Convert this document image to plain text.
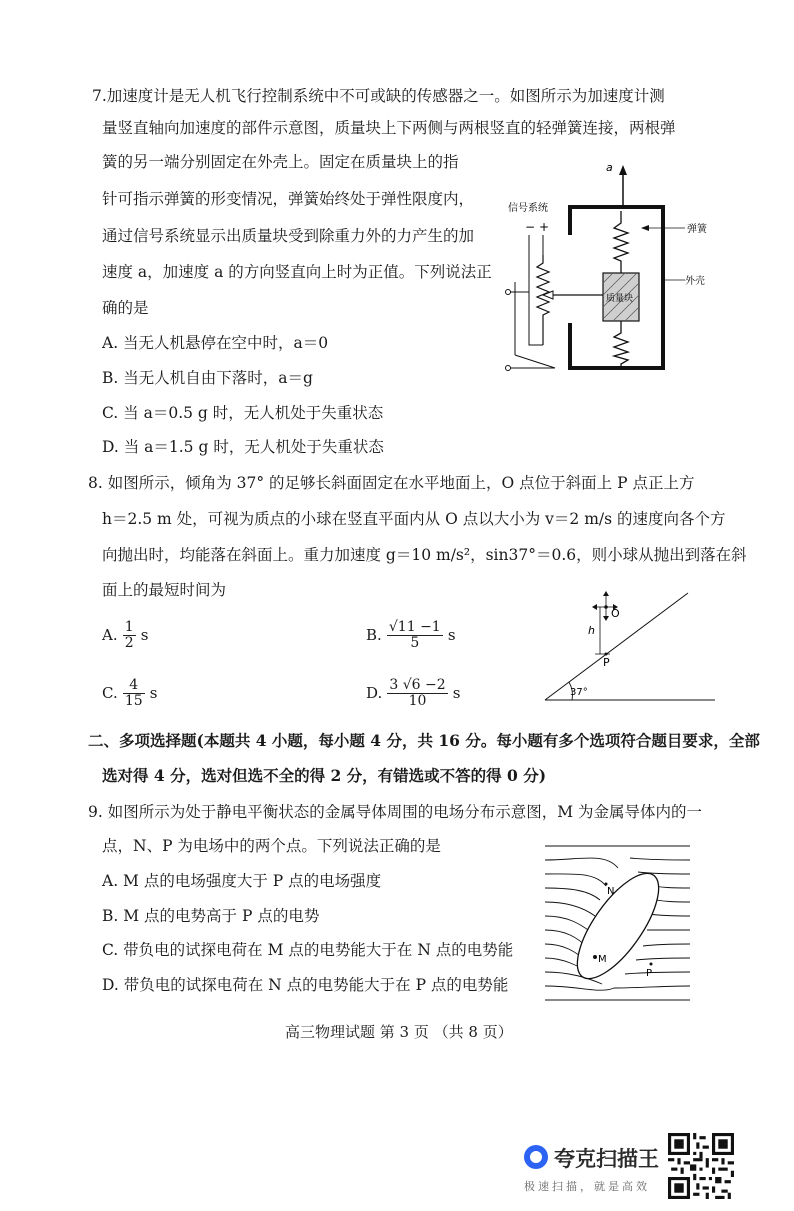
7.加速度计是无人机飞行控制系统中不可或缺的传感器之一。如图所示为加速度计测
量竖直轴向加速度的部件示意图，质量块上下两侧与两根竖直的轻弹簧连接，两根弹
簧的另一端分别固定在外壳上。固定在质量块上的指
针可指示弹簧的形变情况，弹簧始终处于弹性限度内，
通过信号系统显示出质量块受到除重力外的力产生的加
速度 a，加速度 a 的方向竖直向上时为正值。下列说法正
确的是
A. 当无人机悬停在空中时，a＝0
B. 当无人机自由下落时，a＝g
C. 当 a＝0.5 g 时，无人机处于失重状态
D. 当 a＝1.5 g 时，无人机处于失重状态
a
质量块
信号系统
− +	弹簧
外壳
8. 如图所示，倾角为 37° 的足够长斜面固定在水平地面上，O 点位于斜面上 P 点正上方
h＝2.5 m 处，可视为质点的小球在竖直平面内从 O 点以大小为 v＝2 m/s 的速度向各个方
向抛出时，均能落在斜面上。重力加速度 g＝10 m/s²，sin37°＝0.6，则小球从抛出到落在斜
面上的最短时间为
A. $\frac{1}{2}$ s	B. $\frac{√11 -1}{5}$ s
C. $\frac{4}{15}$ s	D. $\frac{3 √6 -2}{10}$ s	37°
O
h
P
二、多项选择题(本题共 4 小题，每小题 4 分，共 16 分。每小题有多个选项符合题目要求，全部
选对得 4 分，选对但选不全的得 2 分，有错选或不答的得 0 分)
9. 如图所示为处于静电平衡状态的金属导体周围的电场分布示意图，M 为金属导体内的一
点，N、P 为电场中的两个点。下列说法正确的是
A. M 点的电场强度大于 P 点的电场强度
B. M 点的电势高于 P 点的电势
C. 带负电的试探电荷在 M 点的电势能大于在 N 点的电势能
D. 带负电的试探电荷在 N 点的电势能大于在 P 点的电势能
M
N
P
高三物理试题 第 3 页 （共 8 页）
夸克扫描王
极速扫描，就是高效
